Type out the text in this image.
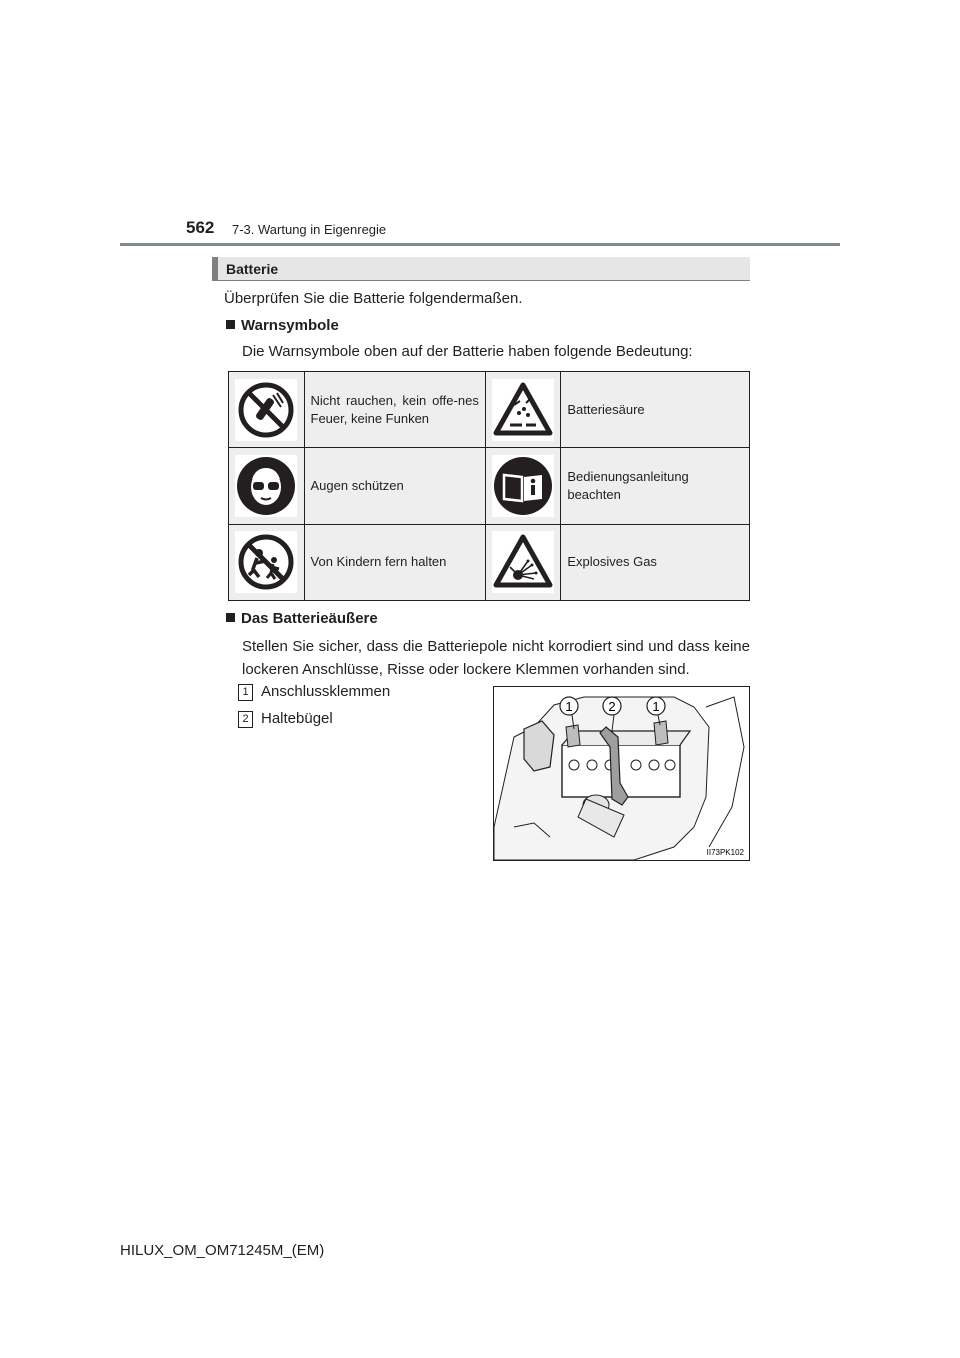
562 7-3. Wartung in Eigenregie
Batterie
Überprüfen Sie die Batterie folgendermaßen.
Warnsymbole
Die Warnsymbole oben auf der Batterie haben folgende Bedeutung:
	Nicht rauchen, kein offe-nes Feuer, keine Funken		Batteriesäure

	Augen schützen		Bedienungsanleitung beachten

	Von Kindern fern halten		Explosives Gas
Das Batterieäußere
Stellen Sie sicher, dass die Batteriepole nicht korrodiert sind und dass keine lockeren Anschlüsse, Risse oder lockere Klemmen vorhanden sind.
1 Anschlussklemmen
2 Haltebügel
1	2	1
II73PK102
HILUX_OM_OM71245M_(EM)
